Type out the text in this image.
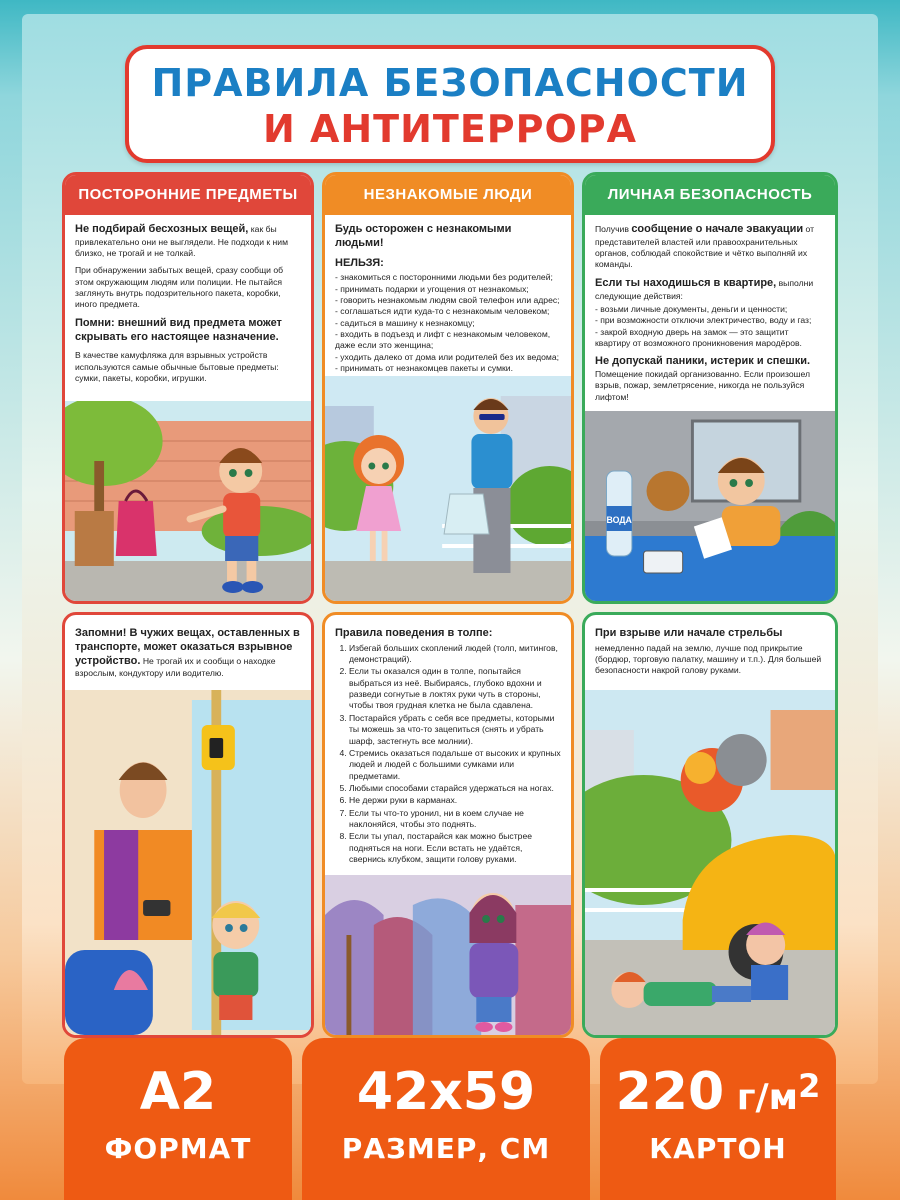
ПРАВИЛА БЕЗОПАСНОСТИ
И АНТИТЕРРОРА
ПОСТОРОННИЕ ПРЕДМЕТЫ

Не подбирай бесхозных вещей, как бы привлекательно они не выглядели. Не подходи к ним близко, не трогай и не толкай.

При обнаружении забытых вещей, сразу сообщи об этом окружающим людям или полиции. Не пытайся заглянуть внутрь подозрительного пакета, коробки, иного предмета.

Помни: внешний вид предмета может скрывать его настоящее назначение.

В качестве камуфляжа для взрывных устройств используются самые обычные бытовые предметы: сумки, пакеты, коробки, игрушки.

НЕЗНАКОМЫЕ ЛЮДИ

Будь осторожен с незнакомыми людьми!

НЕЛЬЗЯ:

- знакомиться с посторонними людьми без родителей;
- принимать подарки и угощения от незнакомых;
- говорить незнакомым людям свой телефон или адрес;
- соглашаться идти куда-то с незнакомым человеком;
- садиться в машину к незнакомцу;
- входить в подъезд и лифт с незнакомым человеком, даже если это женщина;
- уходить далеко от дома или родителей без их ведома;
- принимать от незнакомцев пакеты и сумки.
ЛИЧНАЯ БЕЗОПАСНОСТЬ

Получив сообщение о начале эвакуации от представителей властей или правоохранительных органов, соблюдай спокойствие и чётко выполняй их команды.

Если ты находишься в квартире, выполни следующие действия:

- возьми личные документы, деньги и ценности;
- при возможности отключи электричество, воду и газ;
- закрой входную дверь на замок — это защитит квартиру от возможного проникновения мародёров.

Не допускай паники, истерик и спешки. Помещение покидай организованно. Если произошел взрыв, пожар, землетрясение, никогда не пользуйся лифтом!

ВОДА

Запомни! В чужих вещах, оставленных в транспорте, может оказаться взрывное устройство. Не трогай их и сообщи о находке взрослым, кондуктору или водителю.

Правила поведения в толпе:

1. Избегай больших скоплений людей (толп, митингов, демонстраций).
2. Если ты оказался один в толпе, попытайся выбраться из неё. Выбираясь, глубоко вдохни и разведи согнутые в локтях руки чуть в стороны, чтобы твоя грудная клетка не была сдавлена.
3. Постарайся убрать с себя все предметы, которыми ты можешь за что-то зацепиться (снять и убрать шарф, застегнуть все молнии).
4. Стремись оказаться подальше от высоких и крупных людей и людей с большими сумками или предметами.
5. Любыми способами старайся удержаться на ногах.
6. Не держи руки в карманах.
7. Если ты что-то уронил, ни в коем случае не наклоняйся, чтобы это поднять.
8. Если ты упал, постарайся как можно быстрее подняться на ноги. Если встать не удаётся, свернись клубком, защити голову руками.

При взрыве или начале стрельбы

немедленно падай на землю, лучше под прикрытие (бордюр, торговую палатку, машину и т.п.). Для большей безопасности накрой голову руками.

A2
ФОРМАТ
42x59
РАЗМЕР, СМ
220 $г/м^2$
КАРТОН
